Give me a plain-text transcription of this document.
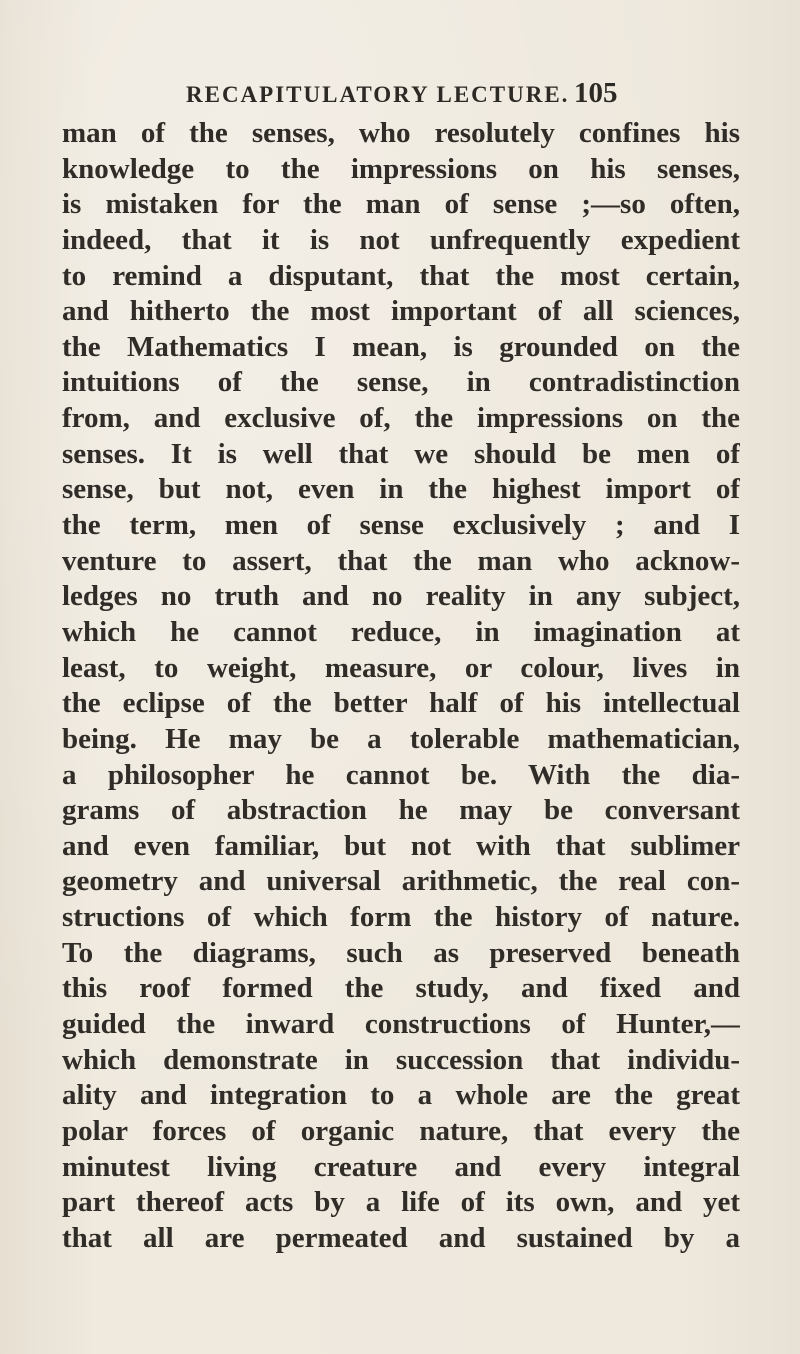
RECAPITULATORY LECTURE. 105
man of the senses, who resolutely confines his
knowledge to the impressions on his senses,
is mistaken for the man of sense ;—so often,
indeed, that it is not unfrequently expedient
to remind a disputant, that the most certain,
and hitherto the most important of all sciences,
the Mathematics I mean, is grounded on the
intuitions of the sense, in contradistinction
from, and exclusive of, the impressions on the
senses. It is well that we should be men of
sense, but not, even in the highest import of
the term, men of sense exclusively ; and I
venture to assert, that the man who acknow-
ledges no truth and no reality in any subject,
which he cannot reduce, in imagination at
least, to weight, measure, or colour, lives in
the eclipse of the better half of his intellectual
being. He may be a tolerable mathematician,
a philosopher he cannot be. With the dia-
grams of abstraction he may be conversant
and even familiar, but not with that sublimer
geometry and universal arithmetic, the real con-
structions of which form the history of nature.
To the diagrams, such as preserved beneath
this roof formed the study, and fixed and
guided the inward constructions of Hunter,—
which demonstrate in succession that individu-
ality and integration to a whole are the great
polar forces of organic nature, that every the
minutest living creature and every integral
part thereof acts by a life of its own, and yet
that all are permeated and sustained by a
